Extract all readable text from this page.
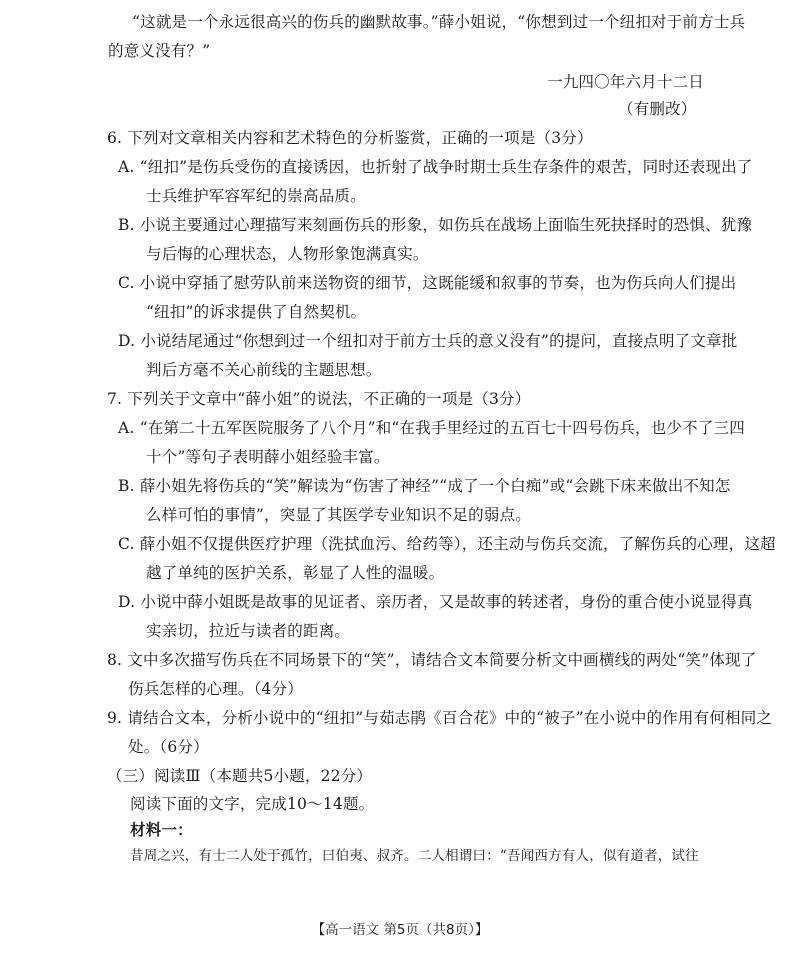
“这就是一个永远很高兴的伤兵的幽默故事。”薛小姐说，“你想到过一个纽扣对于前方士兵
的意义没有？”
一九四〇年六月十二日
（有删改）
6. 下列对文章相关内容和艺术特色的分析鉴赏，正确的一项是（3分）
A. “纽扣”是伤兵受伤的直接诱因，也折射了战争时期士兵生存条件的艰苦，同时还表现出了
士兵维护军容军纪的崇高品质。
B. 小说主要通过心理描写来刻画伤兵的形象，如伤兵在战场上面临生死抉择时的恐惧、犹豫
与后悔的心理状态，人物形象饱满真实。
C. 小说中穿插了慰劳队前来送物资的细节，这既能缓和叙事的节奏，也为伤兵向人们提出
“纽扣”的诉求提供了自然契机。
D. 小说结尾通过“你想到过一个纽扣对于前方士兵的意义没有”的提问，直接点明了文章批
判后方毫不关心前线的主题思想。
7. 下列关于文章中“薛小姐”的说法，不正确的一项是（3分）
A. “在第二十五军医院服务了八个月”和“在我手里经过的五百七十四号伤兵，也少不了三四
十个”等句子表明薛小姐经验丰富。
B. 薛小姐先将伤兵的“笑”解读为“伤害了神经”“成了一个白痴”或“会跳下床来做出不知怎
么样可怕的事情”，突显了其医学专业知识不足的弱点。
C. 薛小姐不仅提供医疗护理（洗拭血污、给药等），还主动与伤兵交流，了解伤兵的心理，这超
越了单纯的医护关系，彰显了人性的温暖。
D. 小说中薛小姐既是故事的见证者、亲历者，又是故事的转述者，身份的重合使小说显得真
实亲切，拉近与读者的距离。
8. 文中多次描写伤兵在不同场景下的“笑”，请结合文本简要分析文中画横线的两处“笑”体现了
伤兵怎样的心理。（4分）
9. 请结合文本，分析小说中的“纽扣”与茹志鹃《百合花》中的“被子”在小说中的作用有何相同之
处。（6分）
（三）阅读Ⅲ（本题共5小题，22分）
阅读下面的文字，完成10～14题。
材料一：
昔周之兴，有士二人处于孤竹，曰伯夷、叔齐。二人相谓曰：“吾闻西方有人，似有道者，试往
【高一语文 第5页（共8页）】
